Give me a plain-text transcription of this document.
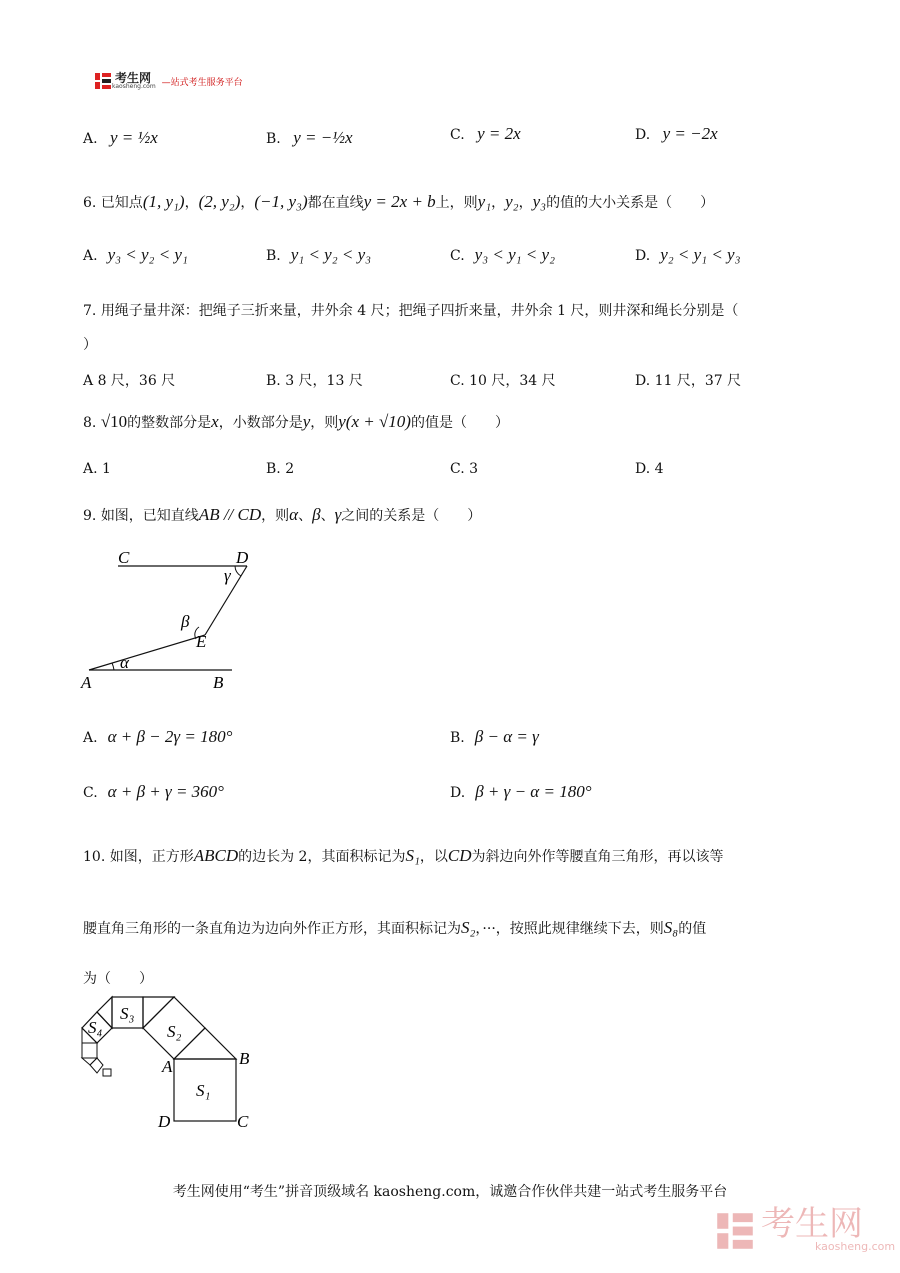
考生网
kaosheng.com —站式考生服务平台
A. y = ½x	B. y = −½x	C. y = 2x	D. y = −2x
6. 已知点(1, y₁)，(2, y₂)，(−1, y₃)都在直线y = 2x + b上，则y₁，y₂，y₃的值的大小关系是（　　）
A. y₃ < y₂ < y₁	B. y₁ < y₂ < y₃	C. y₃ < y₁ < y₂	D. y₂ < y₁ < y₃
7. 用绳子量井深：把绳子三折来量，井外余 4 尺；把绳子四折来量，井外余 1 尺，则井深和绳长分别是（
）
A 8 尺，36 尺	B. 3 尺，13 尺	C. 10 尺，34 尺	D. 11 尺，37 尺
8. √10的整数部分是x，小数部分是y，则y(x + √10)的值是（　　）
A. 1	B. 2	C. 3	D. 4
9. 如图，已知直线AB // CD，则α、β、γ之间的关系是（　　）
C	D
γ
β
E
α
A	B
A. α + β − 2γ = 180°	B. β − α = γ
C. α + β + γ = 360°	D. β + γ − α = 180°
10. 如图，正方形ABCD的边长为 2，其面积标记为S₁，以CD为斜边向外作等腰直角三角形，再以该等
腰直角三角形的一条直角边为边向外作正方形，其面积标记为S₂，···，按照此规律继续下去，则S₈的值
为（　　）
S₁
S₂
S₃
S₄
A	B
C
D
考生网使用“考生”拼音顶级域名 kaosheng.com，诚邀合作伙伴共建一站式考生服务平台
考生网
kaosheng.com
